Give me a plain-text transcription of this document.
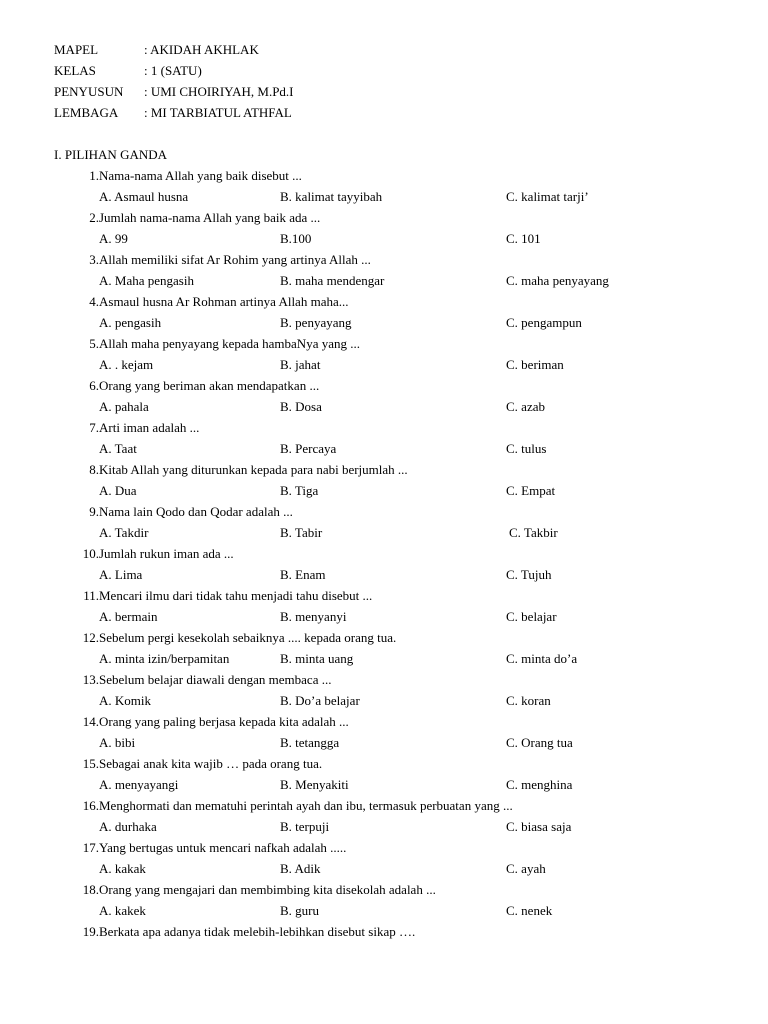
MAPEL	: AKIDAH AKHLAK
KELAS	: 1 (SATU)
PENYUSUN	: UMI CHOIRIYAH, M.Pd.I
LEMBAGA	: MI TARBIATUL ATHFAL
I. PILIHAN GANDA
1. Nama-nama Allah yang baik disebut ...
A. Asmaul husna	B. kalimat tayyibah	C. kalimat tarji’
2. Jumlah nama-nama Allah yang baik ada ...
A. 99	B.100	C. 101
3. Allah memiliki sifat Ar Rohim yang artinya Allah ...
A. Maha pengasih	B. maha mendengar	C. maha penyayang
4. Asmaul husna Ar Rohman artinya Allah maha...
A. pengasih	B. penyayang	C. pengampun
5. Allah maha penyayang kepada hambaNya yang ...
A. . kejam	B. jahat	C. beriman
6. Orang yang beriman akan mendapatkan ...
A. pahala	B. Dosa	C. azab
7. Arti iman adalah ...
A. Taat	B. Percaya	C. tulus
8. Kitab Allah yang diturunkan kepada para nabi berjumlah ...
A. Dua	B. Tiga	C. Empat
9. Nama lain Qodo dan Qodar adalah ...
A. Takdir	B. Tabir	C. Takbir
10. Jumlah rukun iman ada ...
A. Lima	B. Enam	C. Tujuh
11. Mencari ilmu dari tidak tahu menjadi tahu disebut ...
A. bermain	B. menyanyi	C. belajar
12. Sebelum pergi kesekolah sebaiknya .... kepada orang tua.
A. minta izin/berpamitan	B. minta uang	C. minta do’a
13. Sebelum belajar diawali dengan membaca ...
A. Komik	B. Do’a belajar	C. koran
14. Orang yang paling berjasa kepada kita adalah ...
A. bibi	B. tetangga	C. Orang tua
15. Sebagai anak kita wajib … pada orang tua.
A. menyayangi	B. Menyakiti	C. menghina
16. Menghormati dan mematuhi perintah ayah dan ibu, termasuk perbuatan yang ...
A. durhaka	B. terpuji	C. biasa saja
17. Yang bertugas untuk mencari nafkah adalah .....
A. kakak	B. Adik	C. ayah
18. Orang yang mengajari dan membimbing kita disekolah adalah ...
A. kakek	B. guru	C. nenek
19. Berkata apa adanya tidak melebih-lebihkan disebut sikap ….
